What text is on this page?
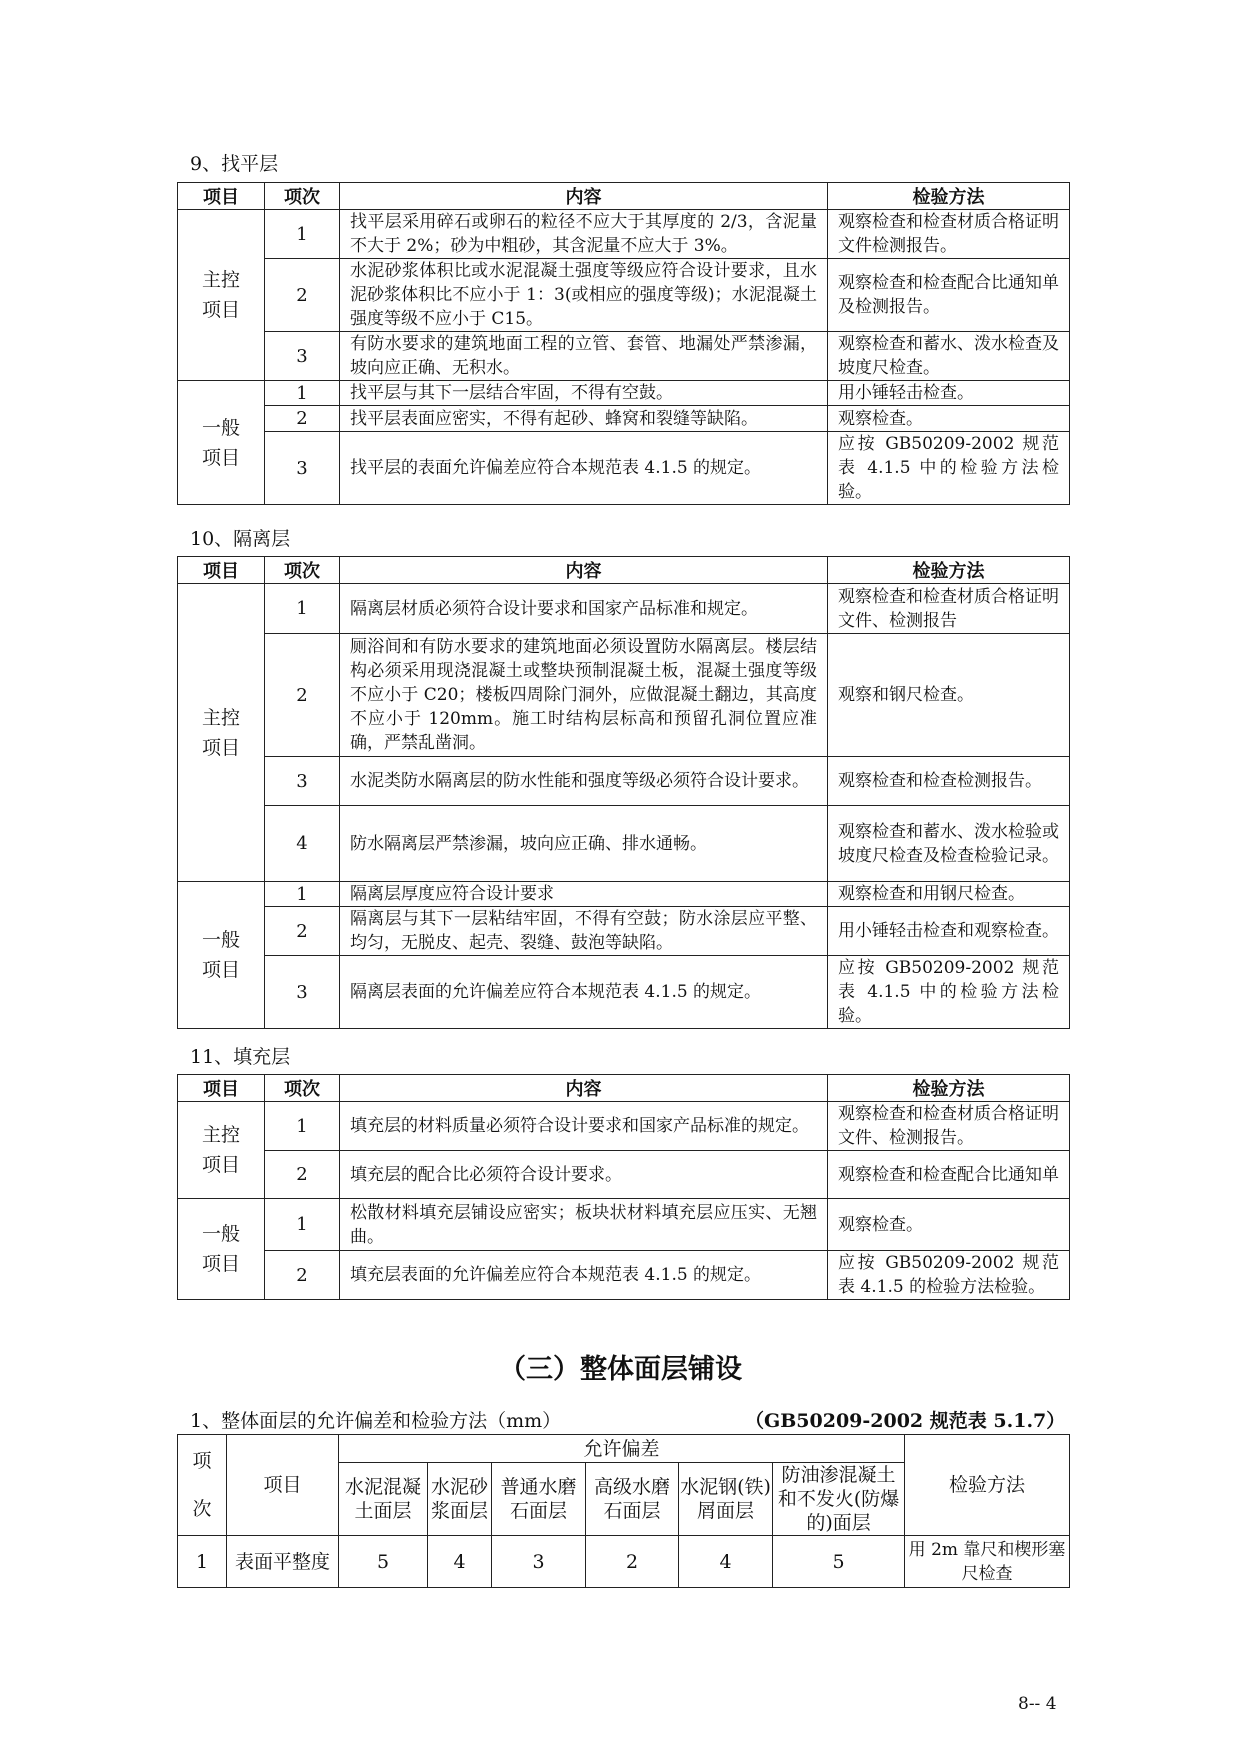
9、找平层
项目	项次	内容	检验方法
主控
项目	1	找平层采用碎石或卵石的粒径不应大于其厚度的 2/3，含泥量不大于 2%；砂为中粗砂，其含泥量不应大于 3%。	观察检查和检查材质合格证明文件检测报告。
	2	水泥砂浆体积比或水泥混凝土强度等级应符合设计要求，且水泥砂浆体积比不应小于 1：3(或相应的强度等级)；水泥混凝土强度等级不应小于 C15。	观察检查和检查配合比通知单及检测报告。
	3	有防水要求的建筑地面工程的立管、套管、地漏处严禁渗漏，坡向应正确、无积水。	观察检查和蓄水、泼水检查及坡度尺检查。
一般
项目	1	找平层与其下一层结合牢固，不得有空鼓。	用小锤轻击检查。
	2	找平层表面应密实，不得有起砂、蜂窝和裂缝等缺陷。	观察检查。
	3	找平层的表面允许偏差应符合本规范表 4.1.5 的规定。	应按 GB50209-2002 规范表 4.1.5 中的检验方法检验。
10、隔离层
项目	项次	内容	检验方法
主控
项目	1	隔离层材质必须符合设计要求和国家产品标准和规定。	观察检查和检查材质合格证明文件、检测报告
	2	厕浴间和有防水要求的建筑地面必须设置防水隔离层。楼层结构必须采用现浇混凝土或整块预制混凝土板，混凝土强度等级不应小于 C20；楼板四周除门洞外，应做混凝土翻边，其高度不应小于 120mm。施工时结构层标高和预留孔洞位置应准确，严禁乱凿洞。	观察和钢尺检查。
	3	水泥类防水隔离层的防水性能和强度等级必须符合设计要求。	观察检查和检查检测报告。
	4	防水隔离层严禁渗漏，坡向应正确、排水通畅。	观察检查和蓄水、泼水检验或坡度尺检查及检查检验记录。
一般
项目	1	隔离层厚度应符合设计要求	观察检查和用钢尺检查。
	2	隔离层与其下一层粘结牢固，不得有空鼓；防水涂层应平整、均匀，无脱皮、起壳、裂缝、鼓泡等缺陷。	用小锤轻击检查和观察检查。
	3	隔离层表面的允许偏差应符合本规范表 4.1.5 的规定。	应按 GB50209-2002 规范表 4.1.5 中的检验方法检验。
11、填充层
项目	项次	内容	检验方法
主控
项目	1	填充层的材料质量必须符合设计要求和国家产品标准的规定。	观察检查和检查材质合格证明文件、检测报告。
	2	填充层的配合比必须符合设计要求。	观察检查和检查配合比通知单
一般
项目	1	松散材料填充层铺设应密实；板块状材料填充层应压实、无翘曲。	观察检查。
	2	填充层表面的允许偏差应符合本规范表 4.1.5 的规定。	应按 GB50209-2002 规范表 4.1.5 的检验方法检验。
（三）整体面层铺设
1、整体面层的允许偏差和检验方法（mm）	（GB50209-2002 规范表 5.1.7）
项

次	项目	允许偏差						检验方法
		水泥混凝土面层	水泥砂浆面层	普通水磨石面层	高级水磨石面层	水泥钢(铁)屑面层	防油渗混凝土和不发火(防爆的)面层	
1	表面平整度	5	4	3	2	4	5	用 2m 靠尺和楔形塞尺检查
8-- 4
